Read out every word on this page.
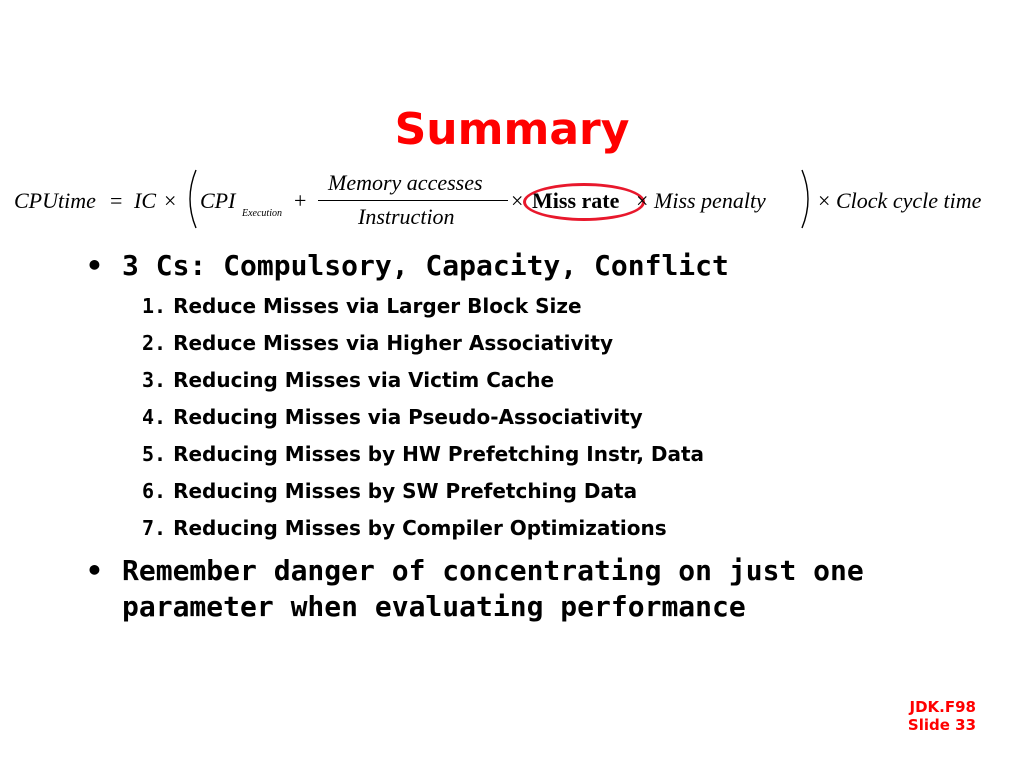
Summary
CPUtime = IC × CPI
Execution
+
Memory accesses
Instruction
× Miss rate × Miss penalty × Clock cycle time
• 3 Cs: Compulsory, Capacity, Conflict
1. Reduce Misses via Larger Block Size
2. Reduce Misses via Higher Associativity
3. Reducing Misses via Victim Cache
4. Reducing Misses via Pseudo-Associativity
5. Reducing Misses by HW Prefetching Instr, Data
6. Reducing Misses by SW Prefetching Data
7. Reducing Misses by Compiler Optimizations
• Remember danger of concentrating on just one parameter when evaluating performance
JDK.F98
Slide 33
